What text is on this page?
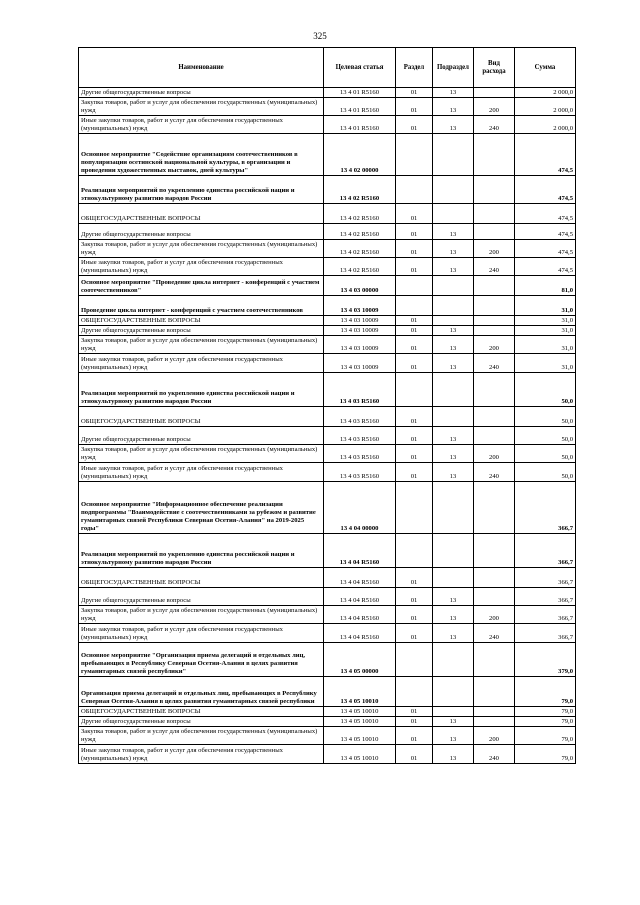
325
Наименование	Целевая статья	Раздел	Подраздел	Вид расхода	Сумма
Другие общегосударственные вопросы	13 4 01 R5160	01	13		2 000,0
Закупка товаров, работ и услуг для обеспечения государственных (муниципальных) нужд	13 4 01 R5160	01	13	200	2 000,0
Иные закупки товаров, работ и услуг для обеспечения государственных (муниципальных) нужд	13 4 01 R5160	01	13	240	2 000,0
Основное мероприятие "Содействие организациям соотечественников в популяризации осетинской национальной культуры, в организации и проведении художественных выставок, дней культуры"	13 4 02 00000				474,5
Реализация мероприятий по укреплению единства российской нации и этнокультурному развитию народов России	13 4 02 R5160				474,5
ОБЩЕГОСУДАРСТВЕННЫЕ ВОПРОСЫ	13 4 02 R5160	01			474,5
Другие общегосударственные вопросы	13 4 02 R5160	01	13		474,5
Закупка товаров, работ и услуг для обеспечения государственных (муниципальных) нужд	13 4 02 R5160	01	13	200	474,5
Иные закупки товаров, работ и услуг для обеспечения государственных (муниципальных) нужд	13 4 02 R5160	01	13	240	474,5
Основное мероприятие "Проведение цикла интернет - конференций с участием соотечественников"	13 4 03 00000				81,0
Проведение цикла интернет - конференций с участием соотечественников	13 4 03 10009				31,0
ОБЩЕГОСУДАРСТВЕННЫЕ ВОПРОСЫ	13 4 03 10009	01			31,0
Другие общегосударственные вопросы	13 4 03 10009	01	13		31,0
Закупка товаров, работ и услуг для обеспечения государственных (муниципальных) нужд	13 4 03 10009	01	13	200	31,0
Иные закупки товаров, работ и услуг для обеспечения государственных (муниципальных) нужд	13 4 03 10009	01	13	240	31,0
Реализация мероприятий по укреплению единства российской нации и этнокультурному развитию народов России	13 4 03 R5160				50,0
ОБЩЕГОСУДАРСТВЕННЫЕ ВОПРОСЫ	13 4 03 R5160	01			50,0
Другие общегосударственные вопросы	13 4 03 R5160	01	13		50,0
Закупка товаров, работ и услуг для обеспечения государственных (муниципальных) нужд	13 4 03 R5160	01	13	200	50,0
Иные закупки товаров, работ и услуг для обеспечения государственных (муниципальных) нужд	13 4 03 R5160	01	13	240	50,0
Основное мероприятие "Информационное обеспечение реализации подпрограммы "Взаимодействие с соотечественниками за рубежом и развитие гуманитарных связей Республики Северная Осетия-Алания" на 2019-2025 годы"	13 4 04 00000				366,7
Реализация мероприятий по укреплению единства российской нации и этнокультурному развитию народов России	13 4 04 R5160				366,7
ОБЩЕГОСУДАРСТВЕННЫЕ ВОПРОСЫ	13 4 04 R5160	01			366,7
Другие общегосударственные вопросы	13 4 04 R5160	01	13		366,7
Закупка товаров, работ и услуг для обеспечения государственных (муниципальных) нужд	13 4 04 R5160	01	13	200	366,7
Иные закупки товаров, работ и услуг для обеспечения государственных (муниципальных) нужд	13 4 04 R5160	01	13	240	366,7
Основное мероприятие "Организация приема делегаций и отдельных лиц, пребывающих в Республику Северная Осетия-Алания в целях развития гуманитарных связей республики"	13 4 05 00000				379,0
Организация приема делегаций и отдельных лиц, пребывающих в Республику Северная Осетия-Алания в целях развития гуманитарных связей республики	13 4 05 10010				79,0
ОБЩЕГОСУДАРСТВЕННЫЕ ВОПРОСЫ	13 4 05 10010	01			79,0
Другие общегосударственные вопросы	13 4 05 10010	01	13		79,0
Закупка товаров, работ и услуг для обеспечения государственных (муниципальных) нужд	13 4 05 10010	01	13	200	79,0
Иные закупки товаров, работ и услуг для обеспечения государственных (муниципальных) нужд	13 4 05 10010	01	13	240	79,0
